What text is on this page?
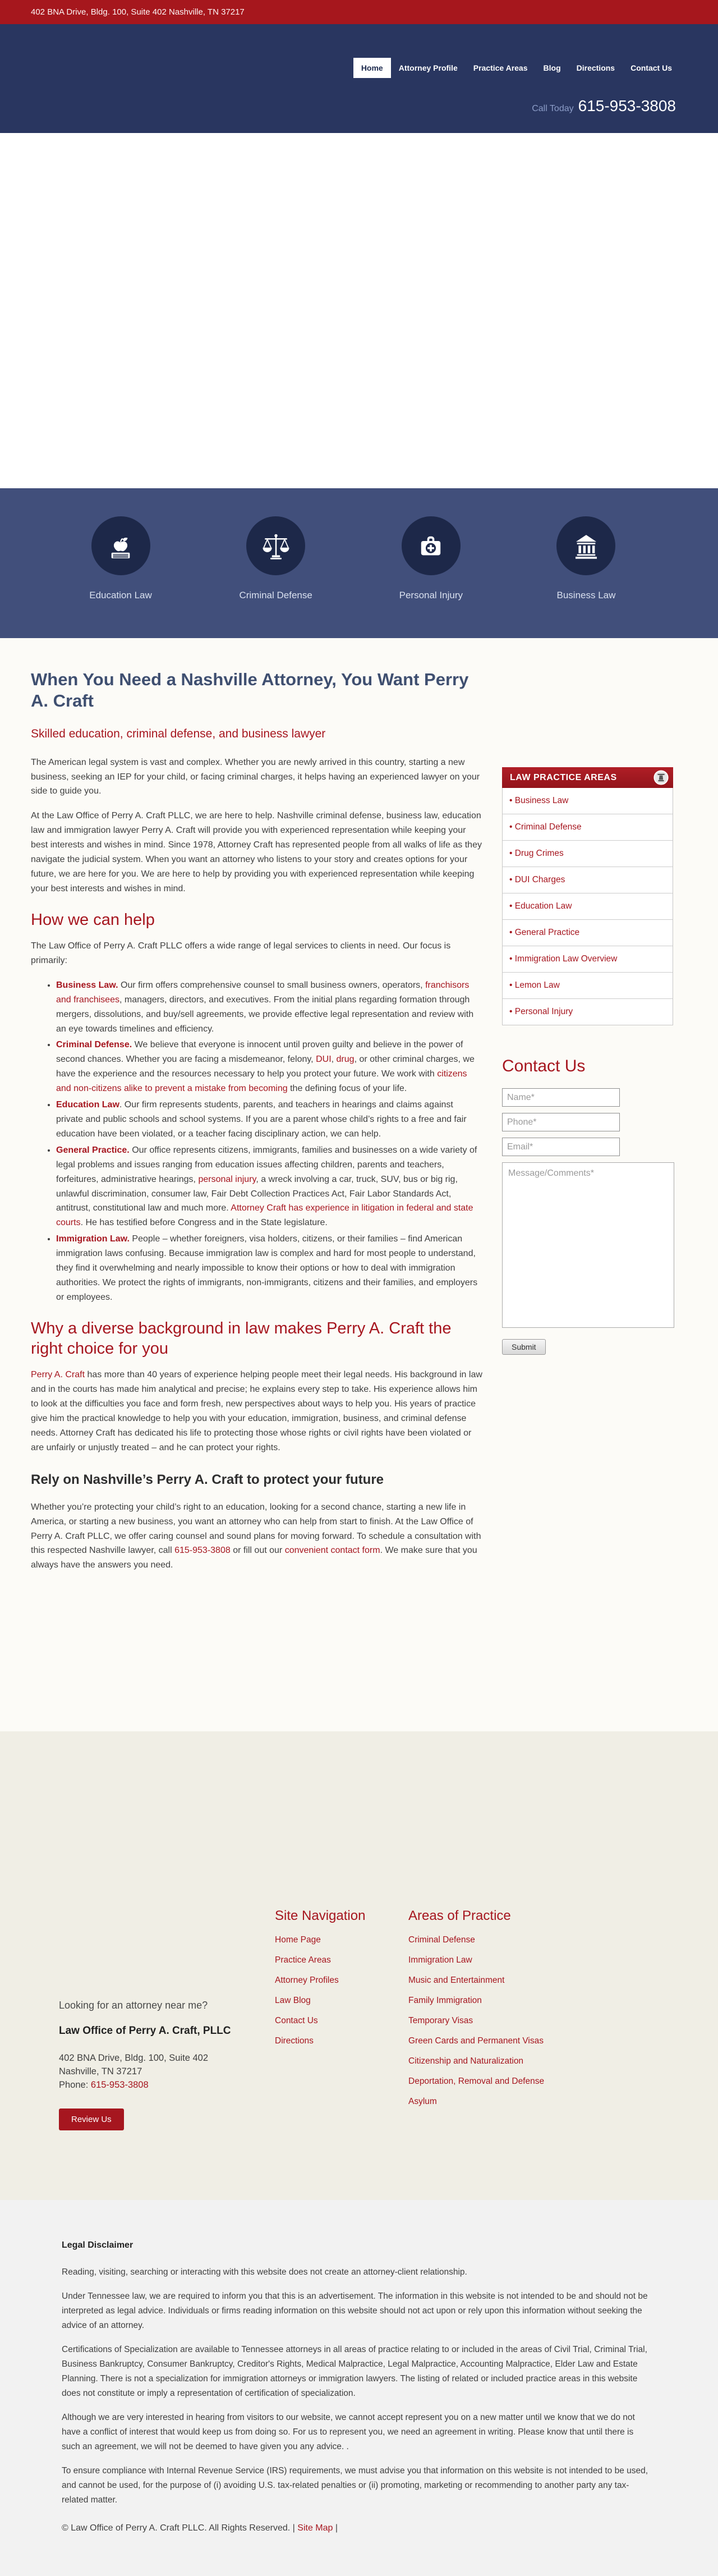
402 BNA Drive, Bldg. 100, Suite 402 Nashville, TN 37217
Home	Attorney Profile	Practice Areas	Blog	Directions	Contact Us
Call Today 615-953-3808
Education Law	Criminal Defense	Personal Injury	Business Law
When You Need a Nashville Attorney, You Want Perry A. Craft
Skilled education, criminal defense, and business lawyer

The American legal system is vast and complex. Whether you are newly arrived in this country, starting a new business, seeking an IEP for your child, or facing criminal charges, it helps having an experienced lawyer on your side to guide you.

At the Law Office of Perry A. Craft PLLC, we are here to help. Nashville criminal defense, business law, education law and immigration lawyer Perry A. Craft will provide you with experienced representation while keeping your best interests and wishes in mind. Since 1978, Attorney Craft has represented people from all walks of life as they navigate the judicial system. When you want an attorney who listens to your story and creates options for your future, we are here for you. We are here to help by providing you with experienced representation while keeping your best interests and wishes in mind.

How we can help

The Law Office of Perry A. Craft PLLC offers a wide range of legal services to clients in need. Our focus is primarily:

• Business Law. Our firm offers comprehensive counsel to small business owners, operators, franchisors and franchisees, managers, directors, and executives. From the initial plans regarding formation through mergers, dissolutions, and buy/sell agreements, we provide effective legal representation and review with an eye towards timelines and efficiency.
• Criminal Defense. We believe that everyone is innocent until proven guilty and believe in the power of second chances. Whether you are facing a misdemeanor, felony, DUI, drug, or other criminal charges, we have the experience and the resources necessary to help you protect your future. We work with citizens and non-citizens alike to prevent a mistake from becoming the defining focus of your life.
• Education Law. Our firm represents students, parents, and teachers in hearings and claims against private and public schools and school systems. If you are a parent whose child’s rights to a free and fair education have been violated, or a teacher facing disciplinary action, we can help.
• General Practice. Our office represents citizens, immigrants, families and businesses on a wide variety of legal problems and issues ranging from education issues affecting children, parents and teachers, forfeitures, administrative hearings, personal injury, a wreck involving a car, truck, SUV, bus or big rig, unlawful discrimination, consumer law, Fair Debt Collection Practices Act, Fair Labor Standards Act, antitrust, constitutional law and much more. Attorney Craft has experience in litigation in federal and state courts. He has testified before Congress and in the State legislature.
• Immigration Law. People – whether foreigners, visa holders, citizens, or their families – find American immigration laws confusing. Because immigration law is complex and hard for most people to understand, they find it overwhelming and nearly impossible to know their options or how to deal with immigration authorities. We protect the rights of immigrants, non-immigrants, citizens and their families, and employers or employees.
Why a diverse background in law makes Perry A. Craft the right choice for you

Perry A. Craft has more than 40 years of experience helping people meet their legal needs. His background in law and in the courts has made him analytical and precise; he explains every step to take. His experience allows him to look at the difficulties you face and form fresh, new perspectives about ways to help you. His years of practice give him the practical knowledge to help you with your education, immigration, business, and criminal defense needs. Attorney Craft has dedicated his life to protecting those whose rights or civil rights have been violated or are unfairly or unjustly treated – and he can protect your rights.

Rely on Nashville’s Perry A. Craft to protect your future

Whether you’re protecting your child’s right to an education, looking for a second chance, starting a new life in America, or starting a new business, you want an attorney who can help from start to finish. At the Law Office of Perry A. Craft PLLC, we offer caring counsel and sound plans for moving forward. To schedule a consultation with this respected Nashville lawyer, call 615-953-3808 or fill out our convenient contact form. We make sure that you always have the answers you need.

LAW PRACTICE AREAS
• Business Law
• Criminal Defense
• Drug Crimes
• DUI Charges
• Education Law
• General Practice
• Immigration Law Overview
• Lemon Law
• Personal Injury
Contact Us
Name*
Phone*
Email*
Message/Comments* Submit

Looking for an attorney near me?

Law Office of Perry A. Craft, PLLC

402 BNA Drive, Bldg. 100, Suite 402

Nashville, TN 37217

Phone: 615-953-3808

Review Us
Site Navigation
Home Page
Practice Areas
Attorney Profiles
Law Blog
Contact Us
Directions
Areas of Practice
Criminal Defense
Immigration Law
Music and Entertainment
Family Immigration
Temporary Visas
Green Cards and Permanent Visas
Citizenship and Naturalization
Deportation, Removal and Defense
Asylum

Legal Disclaimer

Reading, visiting, searching or interacting with this website does not create an attorney-client relationship.

Under Tennessee law, we are required to inform you that this is an advertisement. The information in this website is not intended to be and should not be interpreted as legal advice. Individuals or firms reading information on this website should not act upon or rely upon this information without seeking the advice of an attorney.

Certifications of Specialization are available to Tennessee attorneys in all areas of practice relating to or included in the areas of Civil Trial, Criminal Trial, Business Bankruptcy, Consumer Bankruptcy, Creditor's Rights, Medical Malpractice, Legal Malpractice, Accounting Malpractice, Elder Law and Estate Planning. There is not a specialization for immigration attorneys or immigration lawyers. The listing of related or included practice areas in this website does not constitute or imply a representation of certification of specialization.

Although we are very interested in hearing from visitors to our website, we cannot accept represent you on a new matter until we know that we do not have a conflict of interest that would keep us from doing so. For us to represent you, we need an agreement in writing. Please know that until there is such an agreement, we will not be deemed to have given you any advice. .

To ensure compliance with Internal Revenue Service (IRS) requirements, we must advise you that information on this website is not intended to be used, and cannot be used, for the purpose of (i) avoiding U.S. tax-related penalties or (ii) promoting, marketing or recommending to another party any tax-related matter.

© Law Office of Perry A. Craft PLLC. All Rights Reserved. | Site Map |
